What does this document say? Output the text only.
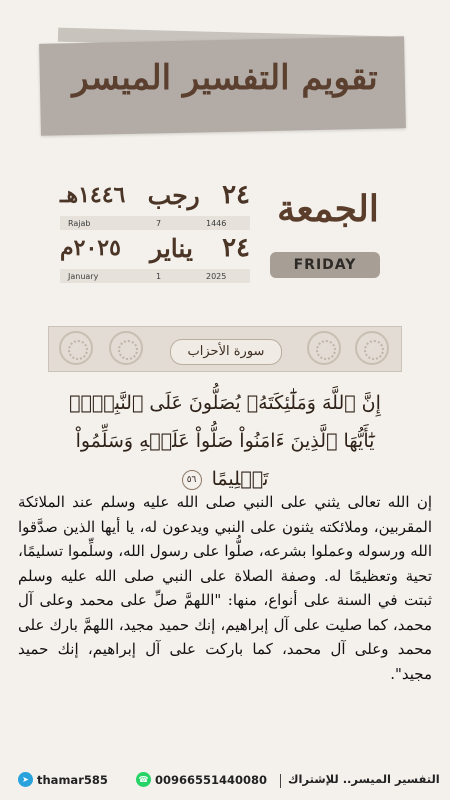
تقويم التفسير الميسر
٢٤
رجب
١٤٤٦هـ
Rajab	7	1446
٢٤
يناير
٢٠٢٥م
January	1	2025
الجمعة
FRIDAY
سورة الأحزاب
إِنَّ ٱللَّهَ وَمَلَٰٓئِكَتَهُۥ يُصَلُّونَ عَلَى ٱلنَّبِيِّۚ يَٰٓأَيُّهَا ٱلَّذِينَ ءَامَنُواْ صَلُّواْ عَلَيۡهِ وَسَلِّمُواْ تَسۡلِيمًا ٥٦
إن الله تعالى يثني على النبي صلى الله عليه وسلم عند الملائكة المقربين، وملائكته يثنون على النبي ويدعون له، يا أيها الذين صدَّقوا الله ورسوله وعملوا بشرعه، صلُّوا على رسول الله، وسلِّموا تسليمًا، تحية وتعظيمًا له. وصفة الصلاة على النبي صلى الله عليه وسلم ثبتت في السنة على أنواع، منها: "اللهمَّ صلِّ على محمد وعلى آل محمد، كما صليت على آل إبراهيم، إنك حميد مجيد، اللهمَّ بارك على محمد وعلى آل محمد، كما باركت على آل إبراهيم، إنك حميد مجيد".
➤ thamar585	☎ 00966551440080 التفسير الميسر.. للإشتراك
